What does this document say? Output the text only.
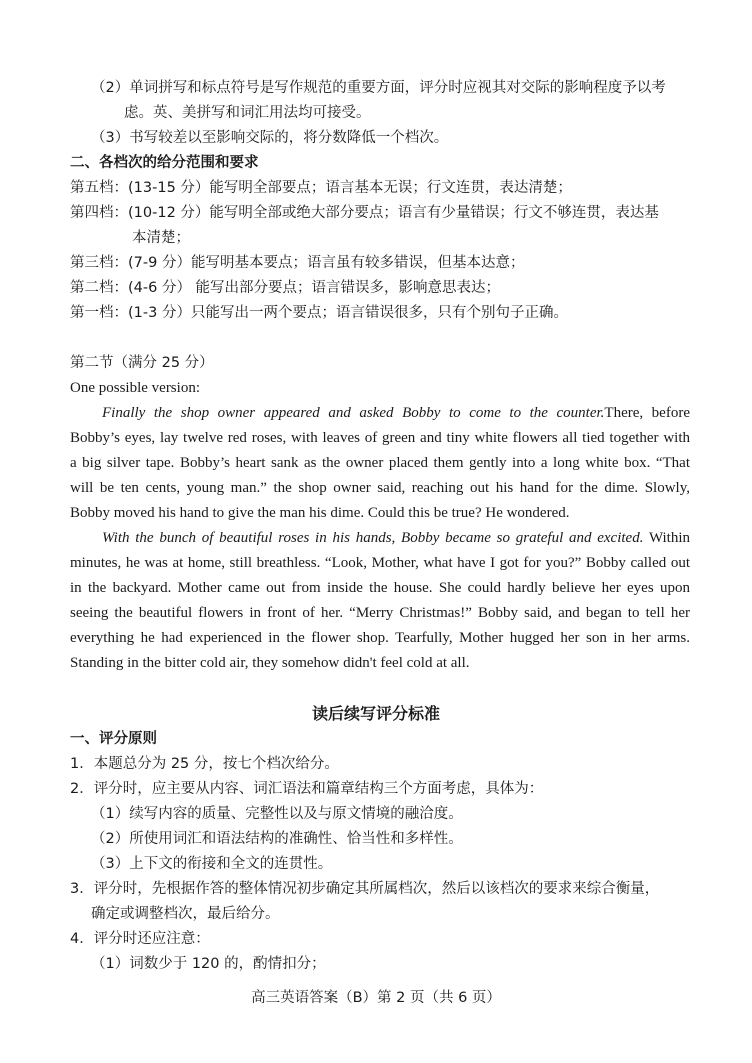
（2）单词拼写和标点符号是写作规范的重要方面，评分时应视其对交际的影响程度予以考
虑。英、美拼写和词汇用法均可接受。
（3）书写较差以至影响交际的，将分数降低一个档次。
二、各档次的给分范围和要求
第五档：(13-15 分）能写明全部要点；语言基本无误；行文连贯，表达清楚；
第四档：(10-12 分）能写明全部或绝大部分要点；语言有少量错误；行文不够连贯，表达基
本清楚；
第三档：(7-9 分）能写明基本要点；语言虽有较多错误，但基本达意；
第二档：(4-6 分） 能写出部分要点；语言错误多，影响意思表达；
第一档：(1-3 分）只能写出一两个要点；语言错误很多，只有个别句子正确。
第二节（满分 25 分）
One possible version:
Finally the shop owner appeared and asked Bobby to come to the counter.There, before
Bobby’s eyes, lay twelve red roses, with leaves of green and tiny white flowers all tied together with
a big silver tape. Bobby’s heart sank as the owner placed them gently into a long white box. “That
will be ten cents, young man.” the shop owner said, reaching out his hand for the dime. Slowly,
Bobby moved his hand to give the man his dime. Could this be true? He wondered.
With the bunch of beautiful roses in his hands, Bobby became so grateful and excited. Within
minutes, he was at home, still breathless. “Look, Mother, what have I got for you?” Bobby called out
in the backyard. Mother came out from inside the house. She could hardly believe her eyes upon
seeing the beautiful flowers in front of her. “Merry Christmas!” Bobby said, and began to tell her
everything he had experienced in the flower shop. Tearfully, Mother hugged her son in her arms.
Standing in the bitter cold air, they somehow didn't feel cold at all.
读后续写评分标准
一、评分原则
1．本题总分为 25 分，按七个档次给分。
2．评分时，应主要从内容、词汇语法和篇章结构三个方面考虑，具体为：
（1）续写内容的质量、完整性以及与原文情境的融洽度。
（2）所使用词汇和语法结构的准确性、恰当性和多样性。
（3）上下文的衔接和全文的连贯性。
3．评分时，先根据作答的整体情况初步确定其所属档次，然后以该档次的要求来综合衡量，
确定或调整档次，最后给分。
4．评分时还应注意：
（1）词数少于 120 的，酌情扣分；
高三英语答案（B）第 2 页（共 6 页）
